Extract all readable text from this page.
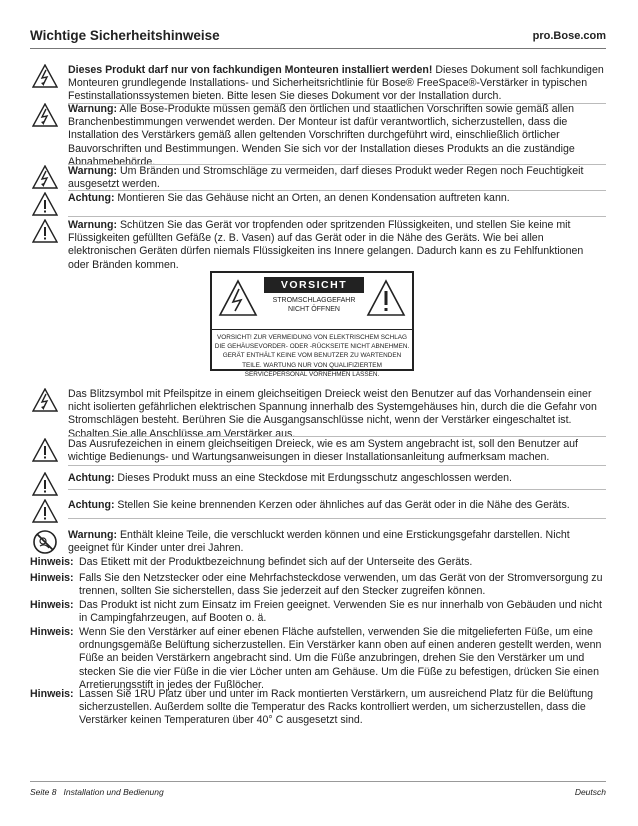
Wichtige Sicherheitshinweise	pro.Bose.com
Dieses Produkt darf nur von fachkundigen Monteuren installiert werden! Dieses Dokument soll fachkundigen Monteuren grundlegende Installations- und Sicherheitsrichtlinie für Bose® FreeSpace®-Verstärker in typischen Festinstallationssystemen bieten. Bitte lesen Sie dieses Dokument vor der Installation durch.
Warnung: Alle Bose-Produkte müssen gemäß den örtlichen und staatlichen Vorschriften sowie gemäß allen Branchenbestimmungen verwendet werden. Der Monteur ist dafür verantwortlich, sicherzustellen, dass die Installation des Verstärkers gemäß allen geltenden Vorschriften durchgeführt wird, einschließlich örtlicher Bauvorschriften und Bestimmungen. Wenden Sie sich vor der Installation dieses Produkts an die zuständige Abnahmebehörde.
Warnung: Um Bränden und Stromschläge zu vermeiden, darf dieses Produkt weder Regen noch Feuchtigkeit ausgesetzt werden.
Achtung: Montieren Sie das Gehäuse nicht an Orten, an denen Kondensation auftreten kann.
Warnung: Schützen Sie das Gerät vor tropfenden oder spritzenden Flüssigkeiten, und stellen Sie keine mit Flüssigkeiten gefüllten Gefäße (z. B. Vasen) auf das Gerät oder in die Nähe des Geräts. Wie bei allen elektronischen Geräten dürfen niemals Flüssigkeiten ins Innere gelangen. Dadurch kann es zu Fehlfunktionen oder Bränden kommen.
VORSICHT
STROMSCHLAGGEFAHR
NICHT ÖFFNEN
VORSICHT! ZUR VERMEIDUNG VON ELEKTRISCHEM SCHLAG DIE GEHÄUSEVORDER- ODER -RÜCKSEITE NICHT ABNEHMEN. GERÄT ENTHÄLT KEINE VOM BENUTZER ZU WARTENDEN TEILE. WARTUNG NUR VON QUALIFIZIERTEM SERVICEPERSONAL VORNEHMEN LASSEN.
Das Blitzsymbol mit Pfeilspitze in einem gleichseitigen Dreieck weist den Benutzer auf das Vorhandensein einer nicht isolierten gefährlichen elektrischen Spannung innerhalb des Systemgehäuses hin, durch die die Gefahr von Stromschlägen besteht. Berühren Sie die Ausgangsanschlüsse nicht, wenn der Verstärker eingeschaltet ist. Schalten Sie alle Anschlüsse am Verstärker aus.
Das Ausrufezeichen in einem gleichseitigen Dreieck, wie es am System angebracht ist, soll den Benutzer auf wichtige Bedienungs- und Wartungsanweisungen in dieser Installationsanleitung aufmerksam machen.
Achtung: Dieses Produkt muss an eine Steckdose mit Erdungsschutz angeschlossen werden.
Achtung: Stellen Sie keine brennenden Kerzen oder ähnliches auf das Gerät oder in die Nähe des Geräts.
Warnung: Enthält kleine Teile, die verschluckt werden können und eine Erstickungsgefahr darstellen. Nicht geeignet für Kinder unter drei Jahren.
Hinweis: Das Etikett mit der Produktbezeichnung befindet sich auf der Unterseite des Geräts.
Hinweis: Falls Sie den Netzstecker oder eine Mehrfachsteckdose verwenden, um das Gerät von der Stromversorgung zu trennen, sollten Sie sicherstellen, dass Sie jederzeit auf den Stecker zugreifen können.
Hinweis: Das Produkt ist nicht zum Einsatz im Freien geeignet. Verwenden Sie es nur innerhalb von Gebäuden und nicht in Campingfahrzeugen, auf Booten o. ä.
Hinweis: Wenn Sie den Verstärker auf einer ebenen Fläche aufstellen, verwenden Sie die mitgelieferten Füße, um eine ordnungsgemäße Belüftung sicherzustellen. Ein Verstärker kann oben auf einen anderen gestellt werden, wenn Füße an beiden Verstärkern angebracht sind. Um die Füße anzubringen, drehen Sie den Verstärker um und stecken Sie die vier Füße in die vier Löcher unten am Gehäuse. Um die Füße zu befestigen, drücken Sie einen Arretierungsstift in jedes der Fußlöcher.
Hinweis: Lassen Sie 1RU Platz über und unter im Rack montierten Verstärkern, um ausreichend Platz für die Belüftung sicherzustellen. Außerdem sollte die Temperatur des Racks kontrolliert werden, um sicherzustellen, dass die Verstärker keinen Temperaturen über 40° C ausgesetzt sind.
Seite 8   Installation und Bedienung	Deutsch
